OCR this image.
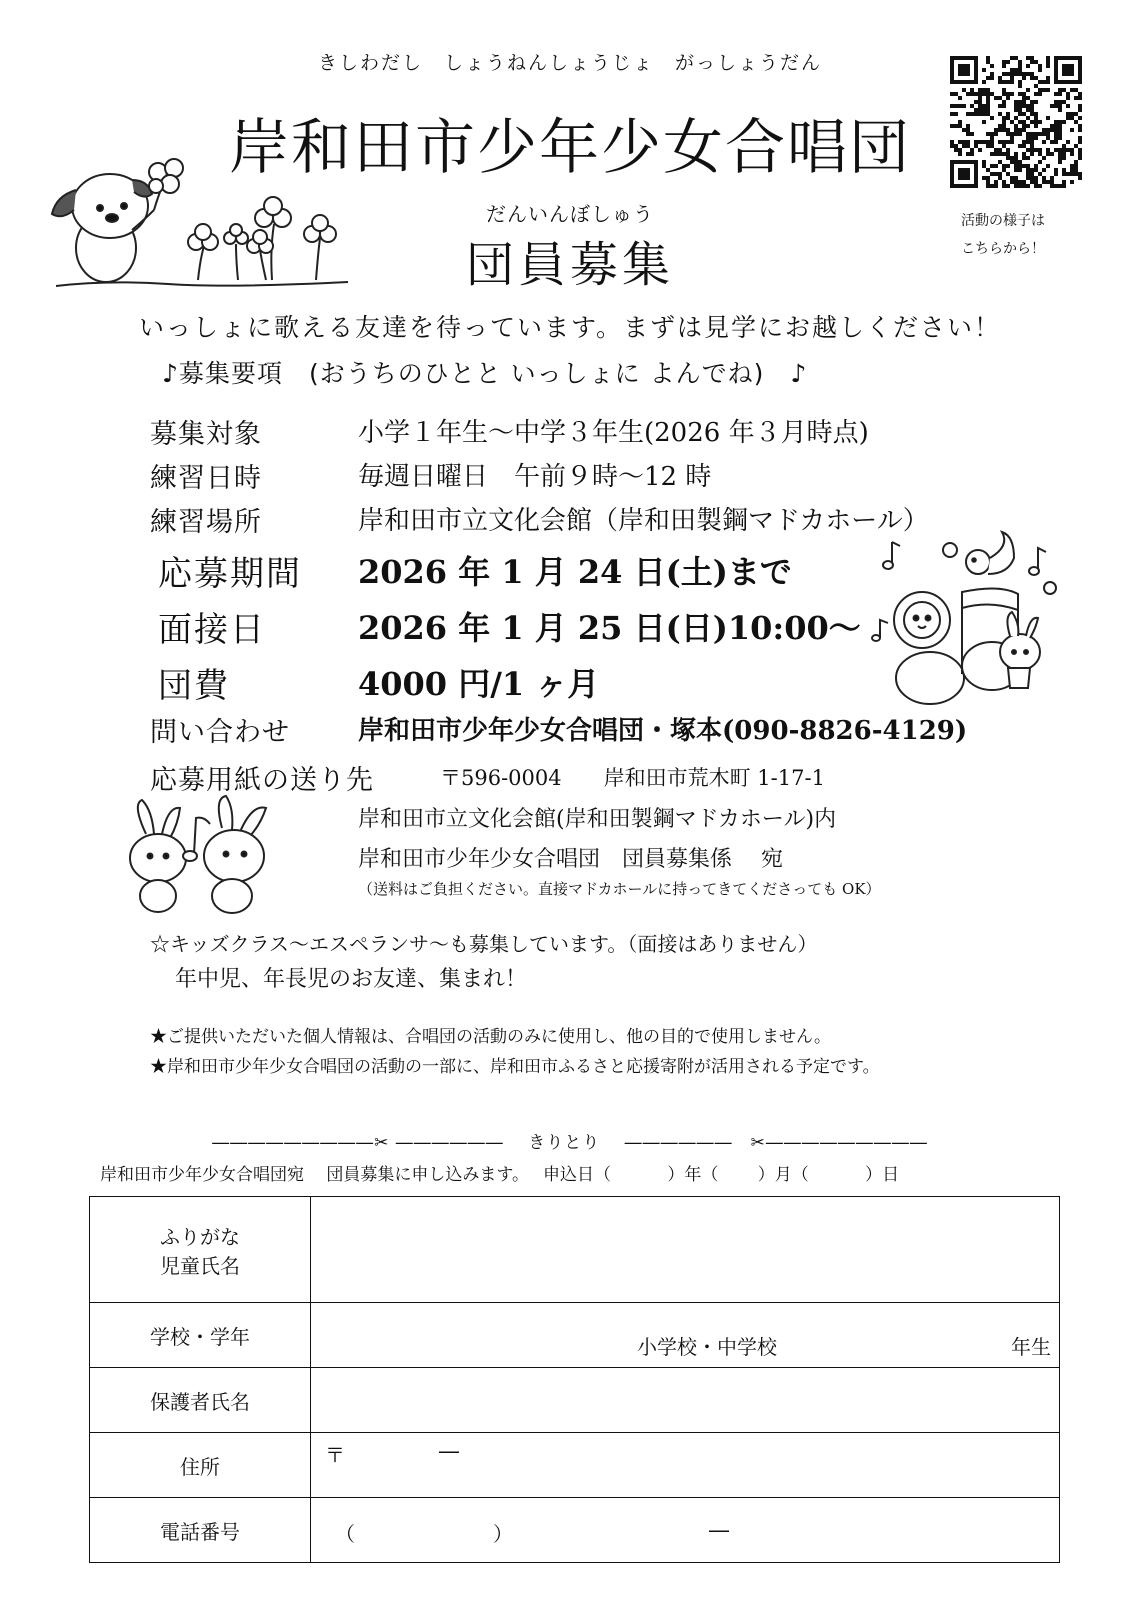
きしわだし　しょうねんしょうじょ　がっしょうだん
岸和田市少年少女合唱団
だんいんぼしゅう
団員募集
活動の様子は
こちらから！
いっしょに歌える友達を待っています。まずは見学にお越しください！
♪募集要項　(おうちのひとと いっしょに よんでね)　♪
募集対象	小学１年生～中学３年生(2026 年３月時点)
練習日時	毎週日曜日　午前９時～12 時
練習場所	岸和田市立文化会館（岸和田製鋼マドカホール）
応募期間 2026 年 1 月 24 日(土)まで
面接日	2026 年 1 月 25 日(日)10:00～
団費	4000 円/1 ヶ月
問い合わせ	岸和田市少年少女合唱団・塚本(090-8826-4129)
応募用紙の送り先	〒596-0004　　岸和田市荒木町 1-17-1
岸和田市立文化会館(岸和田製鋼マドカホール)内
岸和田市少年少女合唱団　団員募集係　 宛
（送料はご負担ください。直接マドカホールに持ってきてくださっても OK）
☆キッズクラス～エスペランサ～も募集しています。（面接はありません）
年中児、年長児のお友達、集まれ！
★ご提供いただいた個人情報は、合唱団の活動のみに使用し、他の目的で使用しません。
★岸和田市少年少女合唱団の活動の一部に、岸和田市ふるさと応援寄附が活用される予定です。
―――――――――✂ ――――――　 きりとり　 ――――――　✂―――――――――
岸和田市少年少女合唱団宛　 団員募集に申し込みます。　 申込日（　　　 ）年（　　 ）月（　　　 ）日
ふりがな
児童氏名	

学校・学年	小学校・中学校 年生

保護者氏名	
住所	〒 ―

電話番号	（ ） ―
